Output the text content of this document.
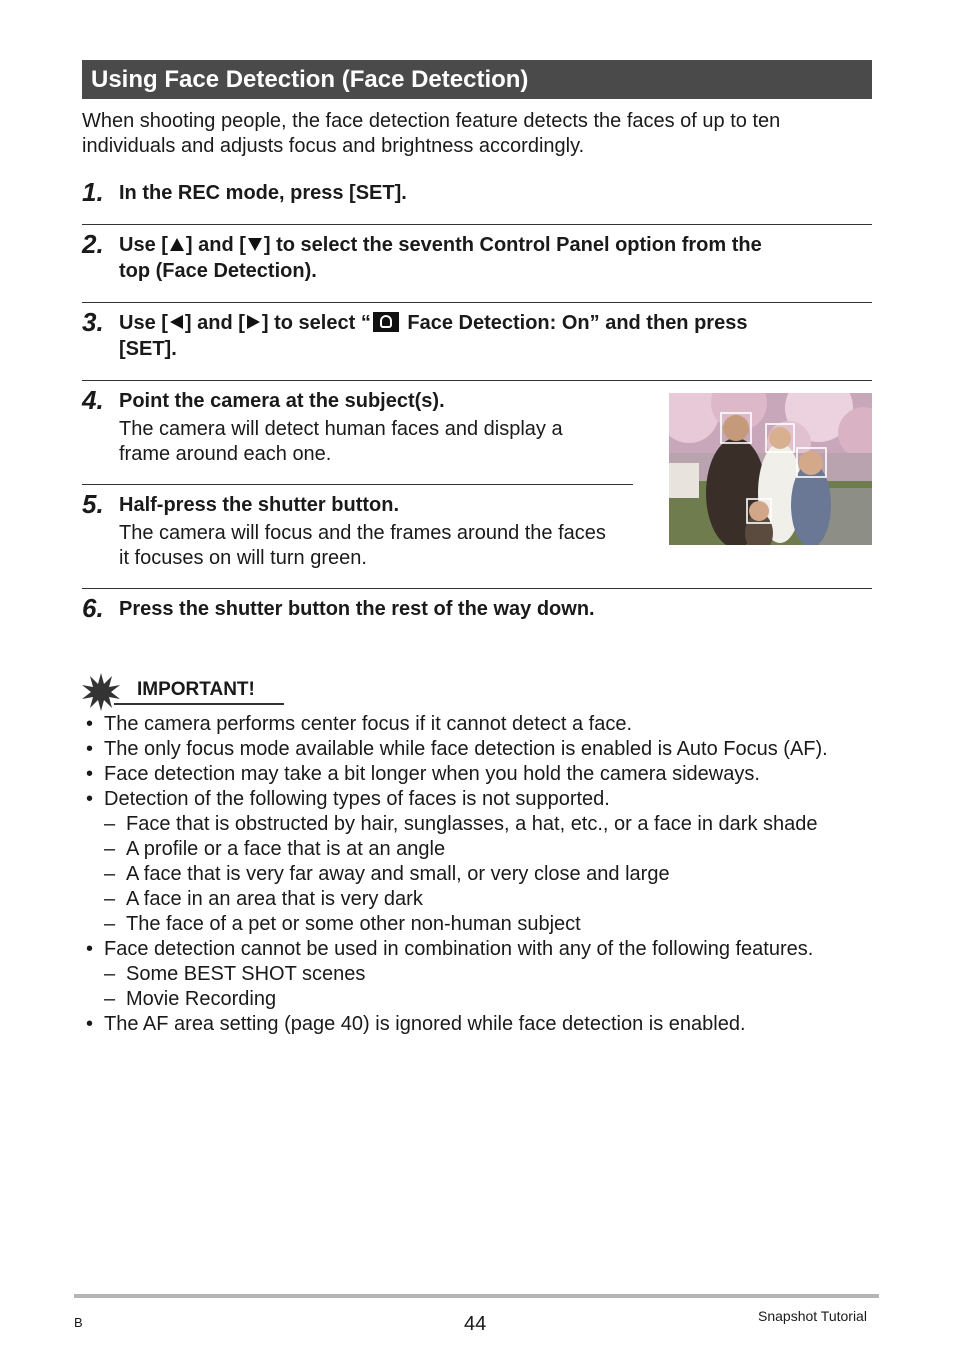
Using Face Detection (Face Detection)
When shooting people, the face detection feature detects the faces of up to ten individuals and adjusts focus and brightness accordingly.
1. In the REC mode, press [SET].
2. Use [ ] and [ ] to select the seventh Control Panel option from the
top (Face Detection).
3. Use [ ] and [ ] to select “ Face Detection: On” and then press
[SET].
4. Point the camera at the subject(s).
The camera will detect human faces and display a
frame around each one.
5. Half-press the shutter button.
The camera will focus and the frames around the faces
it focuses on will turn green.
6. Press the shutter button the rest of the way down.
IMPORTANT!
• The camera performs center focus if it cannot detect a face.
• The only focus mode available while face detection is enabled is Auto Focus (AF).
• Face detection may take a bit longer when you hold the camera sideways.
• Detection of the following types of faces is not supported.
– Face that is obstructed by hair, sunglasses, a hat, etc., or a face in dark shade
– A profile or a face that is at an angle
– A face that is very far away and small, or very close and large
– A face in an area that is very dark
– The face of a pet or some other non-human subject
• Face detection cannot be used in combination with any of the following features.
– Some BEST SHOT scenes
– Movie Recording
• The AF area setting (page 40) is ignored while face detection is enabled.
B	44	Snapshot Tutorial
